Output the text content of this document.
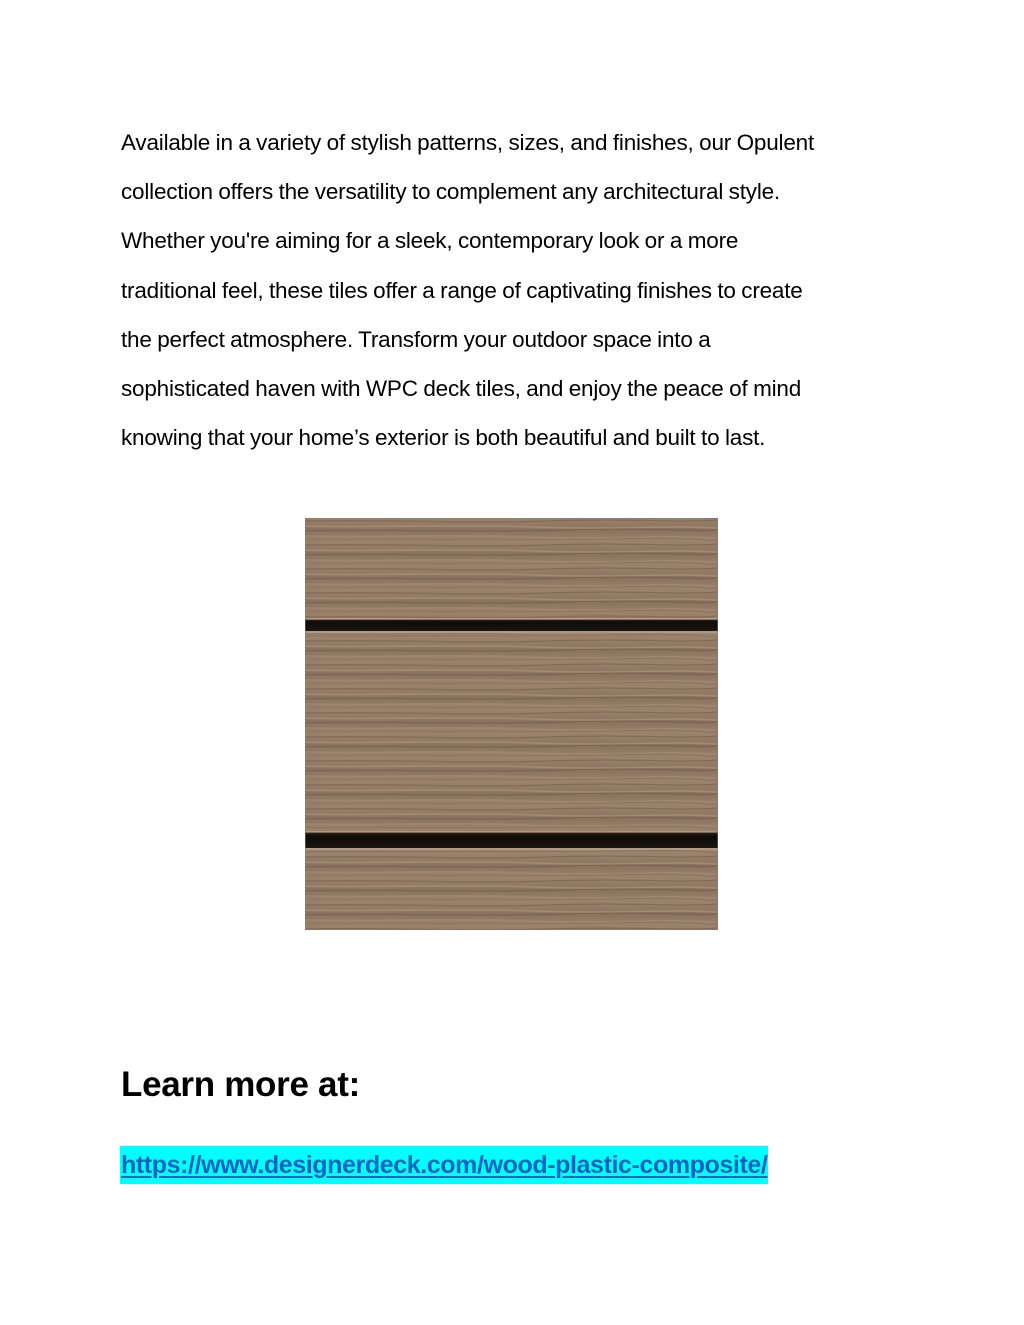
Available in a variety of stylish patterns, sizes, and finishes, our Opulent
collection offers the versatility to complement any architectural style.
Whether you're aiming for a sleek, contemporary look or a more
traditional feel, these tiles offer a range of captivating finishes to create
the perfect atmosphere. Transform your outdoor space into a
sophisticated haven with WPC deck tiles, and enjoy the peace of mind
knowing that your home’s exterior is both beautiful and built to last.

Learn more at:
https://www.designerdeck.com/wood-plastic-composite/
